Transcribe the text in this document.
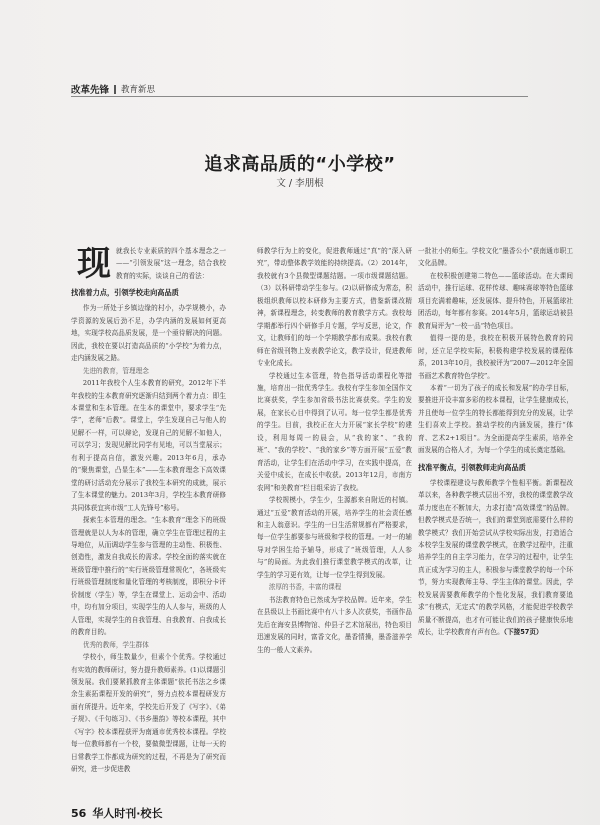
改革先锋 教育新思
追求高品质的“小学校”
文 / 李朋根

现就我长专业素质的四个基本理念之一——“引领发展”这一理念，结合我校教育的实际，谈谈自己的看法：

找准着力点，引领学校走向高品质

作为一所处于乡镇边缘的村小，办学规模小，办学资源的发展后劲不足，办学内涵的发展如何更高地，实现学校高品质发展，是一个亟待解决的问题。因此，我校在要以打造高品质的“小学校”为着力点，走内涵发展之路。

先进的教育，管理理念

2011年我校个人生本教育的研究，2012年下半年我校的生本教育研究逐渐归结到两个着力点：即生本课堂和生本管理。在生本的课堂中，要求学生“先学”，老师“后教”。课堂上，学生发现自己与他人的见解不一样，可以辩论，发现自己的见解不如他人，可以学习；发现见解比同学有见地，可以当堂展示；有利于提高自信，激发兴趣。2013年6月，承办的“聚焦课堂，凸显生本”——生本教育理念下高效课堂的研讨活动充分展示了我校生本研究的成就，展示了生本课堂的魅力。2013年3月，学校生本教育研修共同体获宜宾市级“工人先锋号”称号。

探索生本管理的理念。“生本教育”理念下的班级管理就是以人为本的管理，确立学生在管理过程的主导地位，从而调动学生参与管理的主动性、积极性、创造性，激发自我成长的需求。学校全面的落实就在班级管理中推行的“实行班级管理常规化”，各班级实行班级管理制度和量化管理的考核制度，即积分卡评价制度（学生）等，学生在课堂上、运动会中、活动中，均有加分项目，实现学生的人人参与，班级的人人管理，实现学生的自我管理、自我教育、自我成长的教育目的。

优秀的教师，学生群体

学校小，师生数量少，但素个个优秀。学校通过有实效的教师研讨，努力提升教师素养。(1)以课题引领发展。我们要紧抓教育主体课题“依托书法之乡课余生素拓课程开发的研究”，努力点校本课程研发方面有所提升。近年来，学校先后开发了《写字》、《弟子规》、《千句练习》、《书乡墨韵》等校本课程，其中《写字》校本课程获评为南通市优秀校本课程。学校每一位教师都有一个校，要做微型课题，让每一天的日常教学工作都成为研究的过程，不再是为了研究而研究，进一步促进教

师教学行为上的变化，促进教师通过“真”的“深入研究”，带动整体教学效能的持续提高。（2）2014年，我校就有3个县微型课题结题。一项市级课题结题。（3）以科研带动学生参与。(2)以研修成为常态，积极组织教师以校本研修为主要方式，借鉴新课改精神，新课程理念，转变教师的教育教学方式。我校每学期都举行四个研修手月专题，学写反思，论文，作文，让教师们的每一个学期教学都有成果。我校有教师在省级刊物上发表教学论文，教学设计，促进教师专业化成长。

学校通过生本管理，特色指导活动课程化等措施，培育出一批优秀学生。我校有学生参加全国作文比赛获奖，学生参加省级书法比赛获奖。学生的发展，在家长心目中得到了认可。每一位学生都是优秀的学生。目前，我校正在大力开展“家长学校”的建设，利用每周一的晨会，从“我的家”、“我的班”、“我的学校”、“我的家乡”等方面开展“五爱”教育活动，让学生们在活动中学习，在实践中提高，在关爱中成长，在成长中收获。2013年12月，市南方农网“和美教育”栏目组采访了我校。

学校规模小，学生少，生源都来自附近的村镇。通过“五爱”教育活动的开展，培养学生的社会责任感和主人翁意识。学生的一日生活常规都有严格要求，每一位学生都要参与班级和学校的管理。一对一的辅导对学困生给予辅导，形成了“班级管理，人人参与”的局面。为此我们推行课堂教学模式的改革，让学生的学习更有效，让每一位学生得到发展。

浓厚的书香，丰富的课程

书法教育特色已然成为学校品牌。近年来，学生在县级以上书画比赛中有八十多人次获奖，书画作品先后在海安县博物馆、仲县子艺术馆展出，特色项目迅速发展的同时，富香文化，墨香情操，墨香滋养学生的一般人文素养。

一批社小的师生。学校文化“墨香公小”获南通市职工文化品牌。

在校积极创建第二特色——篮球活动。在大课间活动中，推行运球、花样传球、趣味赛球等特色篮球项目充满着趣味，还发展体、提升特色，开展篮球社团活动，每年都有参赛。2014年5月，篮球运动被县教育局评为“一校一品”特色项目。

值得一提的是，我校在积极开展特色教育的同时，还立足学校实际，积极构建学校发展的课程体系，2013年10月，我校被评为“2007—2012年全国书画艺术教育特色学校”。

本着“一切为了孩子的成长和发展”的办学目标，要推进开设丰富多彩的校本课程，让学生健康成长，并且使每一位学生的特长都能得到充分的发展，让学生们喜欢上学校。推动学校的内涵发展，推行“体育、艺术2+1项目”。为全面提高学生素质，培养全面发展的合格人才，为每一个学生的成长奠定基础。

找准平衡点，引领教师走向高品质

学校课程建设与教师教学个性相平衡。新课程改革以来，各种教学模式层出不穷，我校的课堂教学改革力度也在不断加大，力求打造“高效课堂”的品牌。但教学模式是否统一，我们的课堂到底需要什么样的教学模式？我们开始尝试从学校实际出发，打造适合本校学生发展的课堂教学模式，在教学过程中，注重培养学生的自主学习能力，在学习的过程中，让学生真正成为学习的主人，积极参与课堂教学的每一个环节，努力实现教师主导、学生主体的课堂。因此，学校发展需要教师教学的个性化发展，我们教育要追求“有模式，无定式”的教学风格，才能促进学校教学质量不断提高，也才有可能让我们的孩子健康快乐地成长，让学校教育有声有色。（下接57页）

56 华人时刊·校长
